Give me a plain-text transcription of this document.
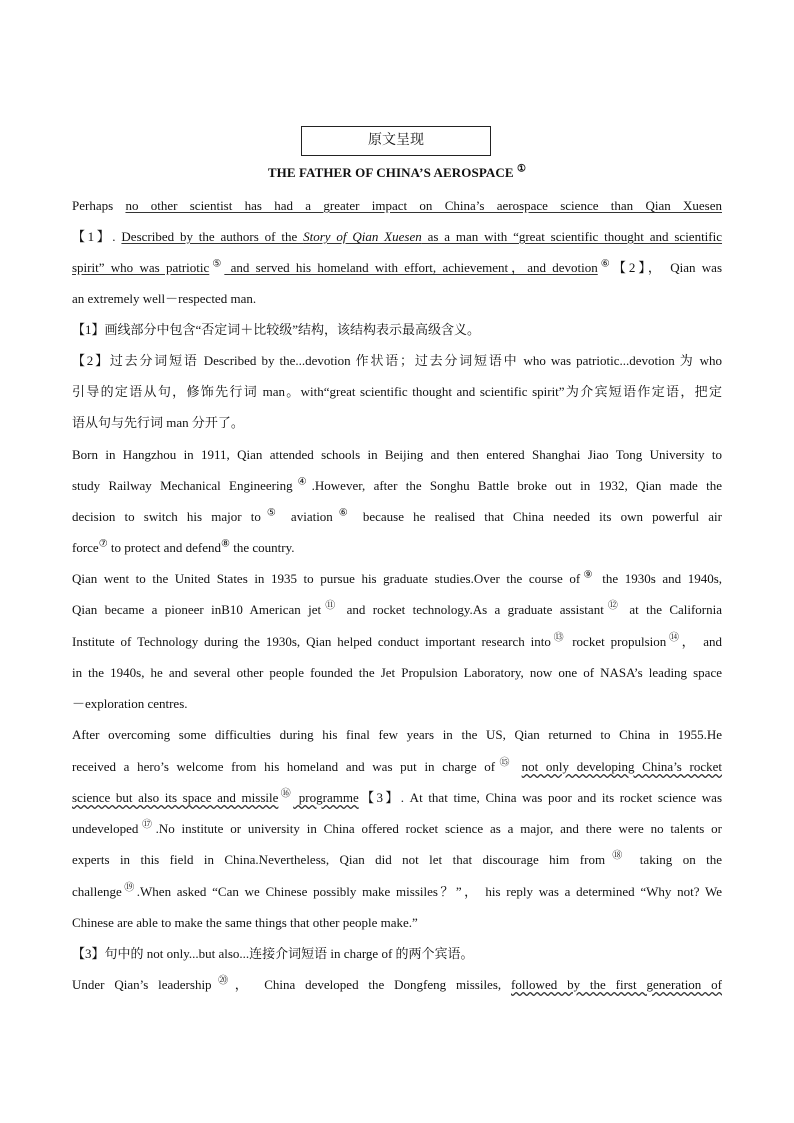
原文呈现
THE FATHER OF CHINA’S AEROSPACE ①
Perhaps no other scientist has had a greater impact on China’s aerospace science than Qian Xuesen
【1】. Described by the authors of the Story of Qian Xuesen as a man with “great scientific thought and scientific
spirit” who was patriotic⑤ and served his homeland with effort, achievement，and devotion⑥【2】， Qian was
an extremely well－respected man.
【1】画线部分中包含“否定词＋比较级”结构，该结构表示最高级含义。
【2】过去分词短语 Described by the...devotion 作状语；过去分词短语中 who was patriotic...devotion 为 who
引导的定语从句，修饰先行词 man。with“great scientific thought and scientific spirit”为介宾短语作定语，把定
语从句与先行词 man 分开了。
Born in Hangzhou in 1911, Qian attended schools in Beijing and then entered Shanghai Jiao Tong University to
study Railway Mechanical Engineering④.However, after the Songhu Battle broke out in 1932, Qian made the
decision to switch his major to⑤ aviation⑥ because he realised that China needed its own powerful air
force⑦ to protect and defend⑧ the country.
Qian went to the United States in 1935 to pursue his graduate studies.Over the course of⑨ the 1930s and 1940s,
Qian became a pioneer inB10 American jet⑪ and rocket technology.As a graduate assistant⑫ at the California
Institute of Technology during the 1930s, Qian helped conduct important research into⑬ rocket propulsion⑭， and
in the 1940s, he and several other people founded the Jet Propulsion Laboratory, now one of NASA’s leading space
－exploration centres.
After overcoming some difficulties during his final few years in the US, Qian returned to China in 1955.He
received a hero’s welcome from his homeland and was put in charge of⑮ not only developing China’s rocket
science but also its space and missile⑯ programme【3】. At that time, China was poor and its rocket science was
undeveloped⑰.No institute or university in China offered rocket science as a major, and there were no talents or
experts in this field in China.Nevertheless, Qian did not let that discourage him from⑱ taking on the
challenge⑲.When asked “Can we Chinese possibly make missiles？”， his reply was a determined “Why not? We
Chinese are able to make the same things that other people make.”
【3】句中的 not only...but also...连接介词短语 in charge of 的两个宾语。
Under Qian’s leadership⑳， China developed the Dongfeng missiles, followed by the first generation of
